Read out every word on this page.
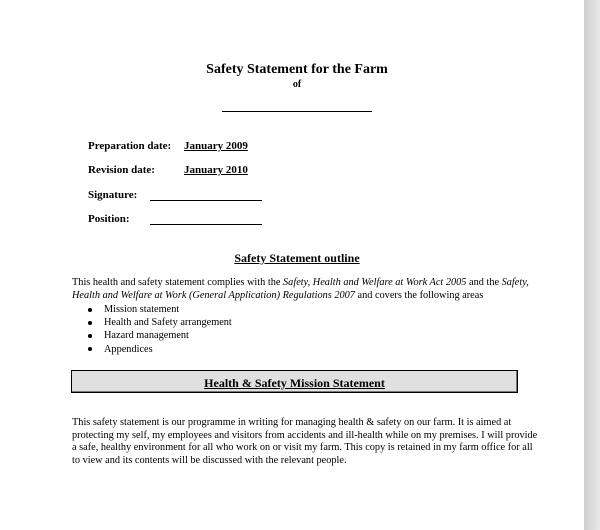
Safety Statement for the Farm
of
Preparation date: January 2009
Revision date:	January 2010
Signature:
Position:
Safety Statement outline
This health and safety statement complies with the Safety, Health and Welfare at Work Act 2005 and the Safety, Health and Welfare at Work (General Application) Regulations 2007 and covers the following areas
Mission statement
Health and Safety arrangement
Hazard management
Appendices
Health & Safety Mission Statement
This safety statement is our programme in writing for managing health & safety on our farm. It is aimed at protecting my self, my employees and visitors from accidents and ill-health while on my premises. I will provide a safe, healthy environment for all who work on or visit my farm. This copy is retained in my farm office for all to view and its contents will be discussed with the relevant people.
